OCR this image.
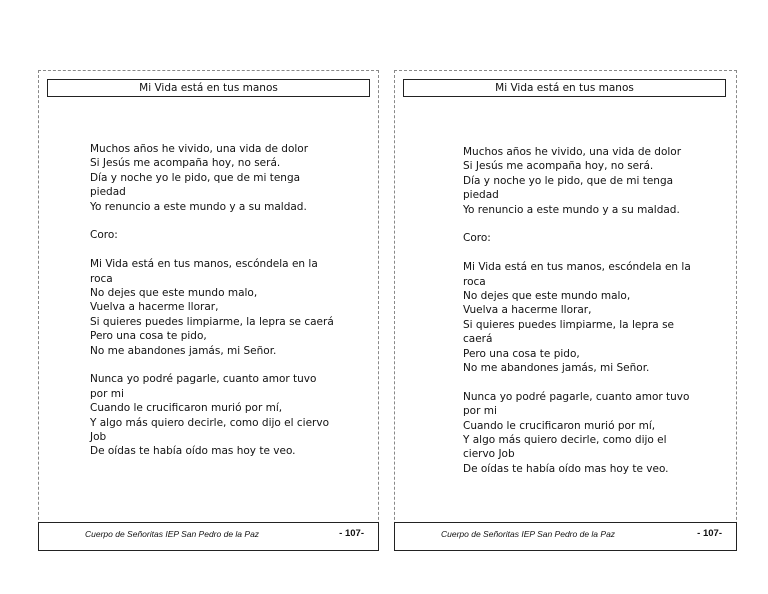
Mi Vida está en tus manos
Muchos años he vivido, una vida de dolor
Si Jesús me acompaña hoy, no será.
Día y noche yo le pido, que de mi tenga
piedad
Yo renuncio a este mundo y a su maldad.
Coro:
Mi Vida está en tus manos, escóndela en la
roca
No dejes que este mundo malo,
Vuelva a hacerme llorar,
Si quieres puedes limpiarme, la lepra se caerá
Pero una cosa te pido,
No me abandones jamás, mi Señor.
Nunca yo podré pagarle, cuanto amor tuvo
por mi
Cuando le crucificaron murió por mí,
Y algo más quiero decirle, como dijo el ciervo
Job
De oídas te había oído mas hoy te veo.
Cuerpo de Señoritas IEP San Pedro de la Paz	- 107-
Mi Vida está en tus manos
Muchos años he vivido, una vida de dolor
Si Jesús me acompaña hoy, no será.
Día y noche yo le pido, que de mi tenga
piedad
Yo renuncio a este mundo y a su maldad.
Coro:
Mi Vida está en tus manos, escóndela en la
roca
No dejes que este mundo malo,
Vuelva a hacerme llorar,
Si quieres puedes limpiarme, la lepra se
caerá
Pero una cosa te pido,
No me abandones jamás, mi Señor.
Nunca yo podré pagarle, cuanto amor tuvo
por mi
Cuando le crucificaron murió por mí,
Y algo más quiero decirle, como dijo el
ciervo Job
De oídas te había oído mas hoy te veo.
Cuerpo de Señoritas IEP San Pedro de la Paz	- 107-
